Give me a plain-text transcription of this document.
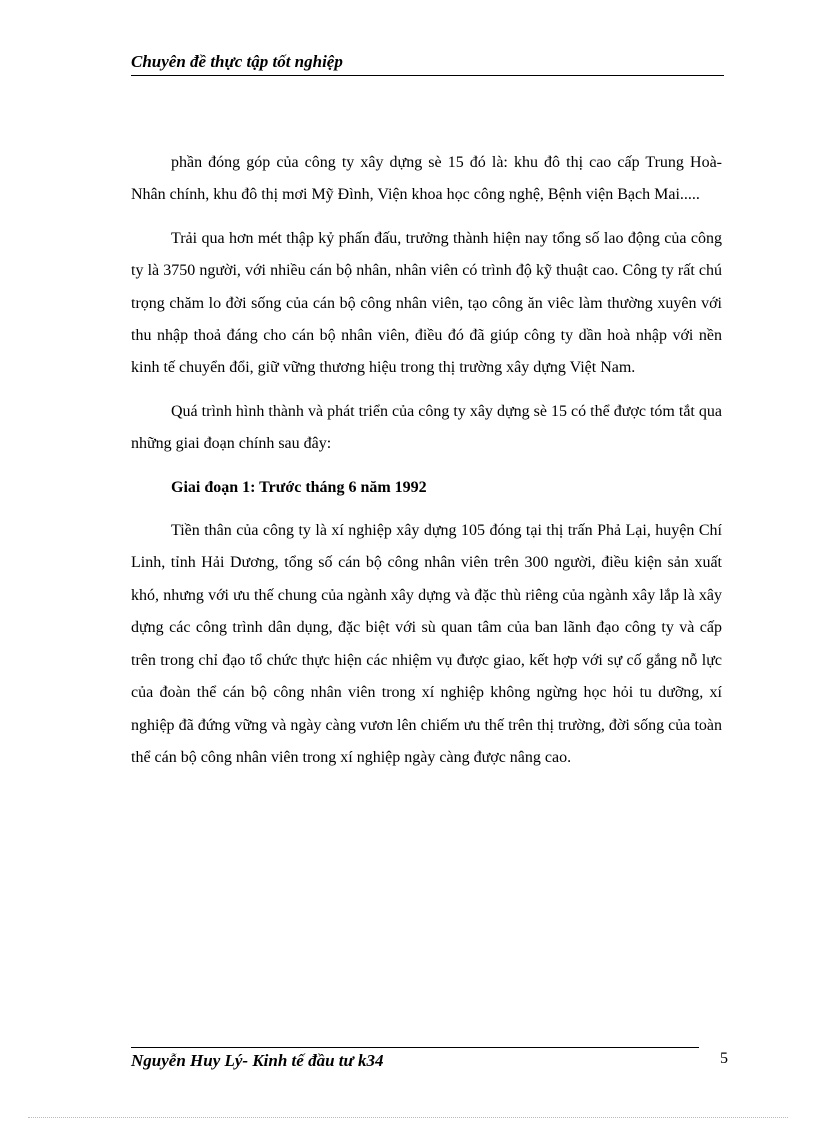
Chuyên đề thực tập tốt nghiệp

phần đóng góp của công ty xây dựng sè 15 đó là: khu đô thị cao cấp Trung Hoà- Nhân chính, khu đô thị mơi Mỹ Đình, Viện khoa học công nghệ, Bệnh viện Bạch Mai.....

Trải qua hơn mét thập kỷ phấn đấu, trưởng thành hiện nay tổng số lao động của công ty là 3750 người, với nhiều cán bộ nhân, nhân viên có trình độ kỹ thuật cao. Công ty rất chú trọng chăm lo đời sống của cán bộ công nhân viên, tạo công ăn viêc làm thường xuyên với thu nhập thoả đáng cho cán bộ nhân viên, điều đó đã giúp công ty dần hoà nhập với nền kinh tế chuyển đổi, giữ vững thương hiệu trong thị trường xây dựng Việt Nam.

Quá trình hình thành và phát triển của công ty xây dựng sè 15 có thể được tóm tắt qua những giai đoạn chính sau đây:

Giai đoạn 1: Trước tháng 6 năm 1992

Tiền thân của công ty là xí nghiệp xây dựng 105 đóng tại thị trấn Phả Lại, huyện Chí Linh, tỉnh Hải Dương, tổng số cán bộ công nhân viên trên 300 người, điều kiện sản xuất khó, nhưng với ưu thế chung của ngành xây dựng và đặc thù riêng của ngành xây lắp là xây dựng các công trình dân dụng, đặc biệt với sù quan tâm của ban lãnh đạo công ty và cấp trên trong chỉ đạo tổ chức thực hiện các nhiệm vụ được giao, kết hợp với sự cố gắng nỗ lực của đoàn thể cán bộ công nhân viên trong xí nghiệp không ngừng học hỏi tu dưỡng, xí nghiệp đã đứng vững và ngày càng vươn lên chiếm ưu thế trên thị trường, đời sống của toàn thể cán bộ công nhân viên trong xí nghiệp ngày càng được nâng cao.

Nguyễn Huy Lý- Kinh tế đầu tư k34	5
